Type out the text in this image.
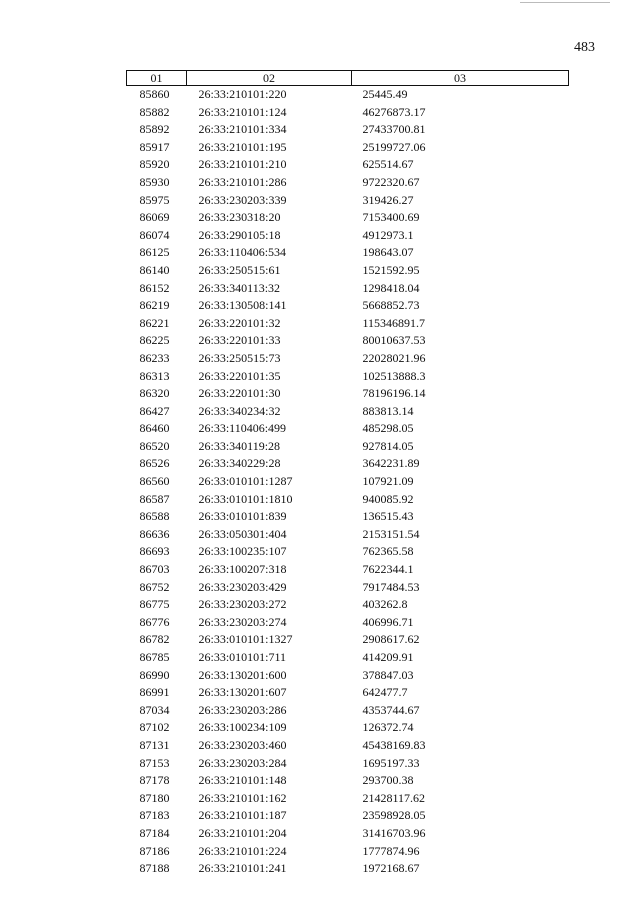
483
01	02	03
85860	26:33:210101:220	25445.49
85882	26:33:210101:124	46276873.17
85892	26:33:210101:334	27433700.81
85917	26:33:210101:195	25199727.06
85920	26:33:210101:210	625514.67
85930	26:33:210101:286	9722320.67
85975	26:33:230203:339	319426.27
86069	26:33:230318:20	7153400.69
86074	26:33:290105:18	4912973.1
86125	26:33:110406:534	198643.07
86140	26:33:250515:61	1521592.95
86152	26:33:340113:32	1298418.04
86219	26:33:130508:141	5668852.73
86221	26:33:220101:32	115346891.7
86225	26:33:220101:33	80010637.53
86233	26:33:250515:73	22028021.96
86313	26:33:220101:35	102513888.3
86320	26:33:220101:30	78196196.14
86427	26:33:340234:32	883813.14
86460	26:33:110406:499	485298.05
86520	26:33:340119:28	927814.05
86526	26:33:340229:28	3642231.89
86560	26:33:010101:1287	107921.09
86587	26:33:010101:1810	940085.92
86588	26:33:010101:839	136515.43
86636	26:33:050301:404	2153151.54
86693	26:33:100235:107	762365.58
86703	26:33:100207:318	7622344.1
86752	26:33:230203:429	7917484.53
86775	26:33:230203:272	403262.8
86776	26:33:230203:274	406996.71
86782	26:33:010101:1327	2908617.62
86785	26:33:010101:711	414209.91
86990	26:33:130201:600	378847.03
86991	26:33:130201:607	642477.7
87034	26:33:230203:286	4353744.67
87102	26:33:100234:109	126372.74
87131	26:33:230203:460	45438169.83
87153	26:33:230203:284	1695197.33
87178	26:33:210101:148	293700.38
87180	26:33:210101:162	21428117.62
87183	26:33:210101:187	23598928.05
87184	26:33:210101:204	31416703.96
87186	26:33:210101:224	1777874.96
87188	26:33:210101:241	1972168.67
